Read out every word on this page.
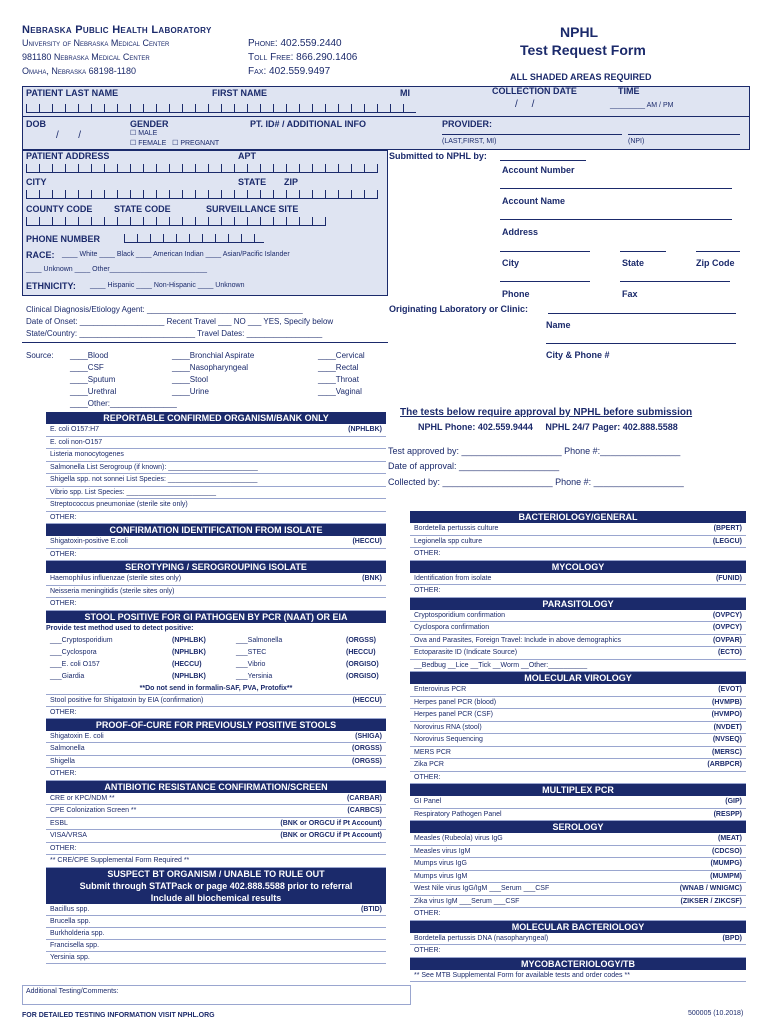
Nebraska Public Health Laboratory
University of Nebraska Medical Center
981180 Nebraska Medical Center
Omaha, Nebraska 68198-1180
Phone: 402.559.2440
Toll Free: 866.290.1406
Fax: 402.559.9497
NPHL
Test Request Form
ALL SHADED AREAS REQUIRED
PATIENT LAST NAME	FIRST NAME	MI	COLLECTION DATE	TIME
/     /	_________ AM / PM
DOB
/       /
GENDER
☐ MALE
☐ FEMALE   ☐ PREGNANT
PT. ID# / ADDITIONAL INFO	PROVIDER:
(LAST,FIRST, MI)	(NPI)
PATIENT ADDRESS	APT
CITY	STATE ZIP
COUNTY CODE STATE CODE	SURVEILLANCE SITE
PHONE NUMBER
RACE: ____ White ____ Black ____ American Indian ____ Asian/Pacific Islander
____ Unknown ____ Other_________________________
ETHNICITY: ____ Hispanic ____ Non-Hispanic ____ Unknown
Submitted to NPHL by:
Account Number
Account Name
Address
City	State	Zip Code
Phone	Fax
Originating Laboratory or Clinic:
Name
City & Phone #
Clinical Diagnosis/Etiology Agent: ___________________________________
Date of Onset: ___________________ Recent Travel ___ NO ___ YES, Specify below
State/Country: __________________________ Travel Dates: _________________
Source: ____Blood
____CSF
____Sputum
____Urethral
____Other:_______________
____Bronchial Aspirate
____Nasopharyngeal
____Stool
____Urine
____Cervical
____Rectal
____Throat
____Vaginal
The tests below require approval by NPHL before submission
NPHL Phone: 402.559.9444     NPHL 24/7 Pager: 402.888.5588
Test approved by: ____________________ Phone #:________________
Date of approval: ____________________
Collected by: ______________________ Phone #: __________________
REPORTABLE CONFIRMED ORGANISM/BANK ONLY
E. coli O157:H7	(NPHLBK)
E. coli non-O157
Listeria monocytogenes
Salmonella List Serogroup (if known): _______________________
Shigella spp. not sonnei List Species: _______________________
Vibrio spp. List Species: _______________________
Streptococcus pneumoniae (sterile site only)
OTHER:
CONFIRMATION IDENTIFICATION FROM ISOLATE
Shigatoxin-positive E.coli	(HECCU)
OTHER:
SEROTYPING / SEROGROUPING ISOLATE
Haemophilus influenzae (sterile sites only)	(BNK)
Neisseria meningitidis (sterile sites only)
OTHER:
STOOL POSITIVE FOR GI PATHOGEN BY PCR (NAAT) OR EIA
Provide test method used to detect positive:
___Cryptosporidium	(NPHLBK)	___Salmonella	(ORGSS)
___Cyclospora	(NPHLBK)	___STEC	(HECCU)
___E. coli O157	(HECCU)	___Vibrio	(ORGISO)
___Giardia	(NPHLBK)	___Yersinia	(ORGISO)
**Do not send in formalin-SAF, PVA, Protofix**
Stool positive for Shigatoxin by EIA (confirmation)	(HECCU)
OTHER:
PROOF-OF-CURE FOR PREVIOUSLY POSITIVE STOOLS
Shigatoxin E. coli	(SHIGA)
Salmonella	(ORGSS)
Shigella	(ORGSS)
OTHER:
ANTIBIOTIC RESISTANCE CONFIRMATION/SCREEN
CRE or KPC/NDM **	(CARBAR)
CPE Colonization Screen **	(CARBCS)
ESBL	(BNK or ORGCU if Pt Account)
VISA/VRSA	(BNK or ORGCU if Pt Account)
OTHER:
** CRE/CPE Supplemental Form Required **
SUSPECT BT ORGANISM / UNABLE TO RULE OUT
Submit through STATPack or page 402.888.5588 prior to referral
Include all biochemical results
Bacillus spp.	(BTID)
Brucella spp.
Burkholderia spp.
Francisella spp.
Yersinia spp.
BACTERIOLOGY/GENERAL
Bordetella pertussis culture	(BPERT)
Legionella spp culture	(LEGCU)
OTHER:
MYCOLOGY
Identification from isolate	(FUNID)
OTHER:
PARASITOLOGY
Cryptosporidium confirmation	(OVPCY)
Cyclospora confirmation	(OVPCY)
Ova and Parasites, Foreign Travel: Include in above demographics	(OVPAR)
Ectoparasite ID (Indicate Source)	(ECTO)
__Bedbug __Lice __Tick __Worm __Other:__________
MOLECULAR VIROLOGY
Enterovirus PCR	(EVOT)
Herpes panel PCR (blood)	(HVMPB)
Herpes panel PCR (CSF)	(HVMPO)
Norovirus RNA (stool)	(NVDET)
Norovirus Sequencing	(NVSEQ)
MERS PCR	(MERSC)
Zika PCR	(ARBPCR)
OTHER:
MULTIPLEX PCR
GI Panel	(GIP)
Respiratory Pathogen Panel	(RESPP)
SEROLOGY
Measles (Rubeola) virus IgG	(MEAT)
Measles virus IgM	(CDCSO)
Mumps virus IgG	(MUMPG)
Mumps virus IgM	(MUMPM)
West Nile virus IgG/IgM ___Serum ___CSF	(WNAB / WNIGMC)
Zika virus IgM ___Serum ___CSF	(ZIKSER / ZIKCSF)
OTHER:
MOLECULAR BACTERIOLOGY
Bordetella pertussis DNA (nasopharyngeal)	(BPD)
OTHER:
MYCOBACTERIOLOGY/TB
** See MTB Supplemental Form for available tests and order codes **
Additional Testing/Comments:
FOR DETAILED TESTING INFORMATION VISIT NPHL.ORG	500005 (10.2018)
